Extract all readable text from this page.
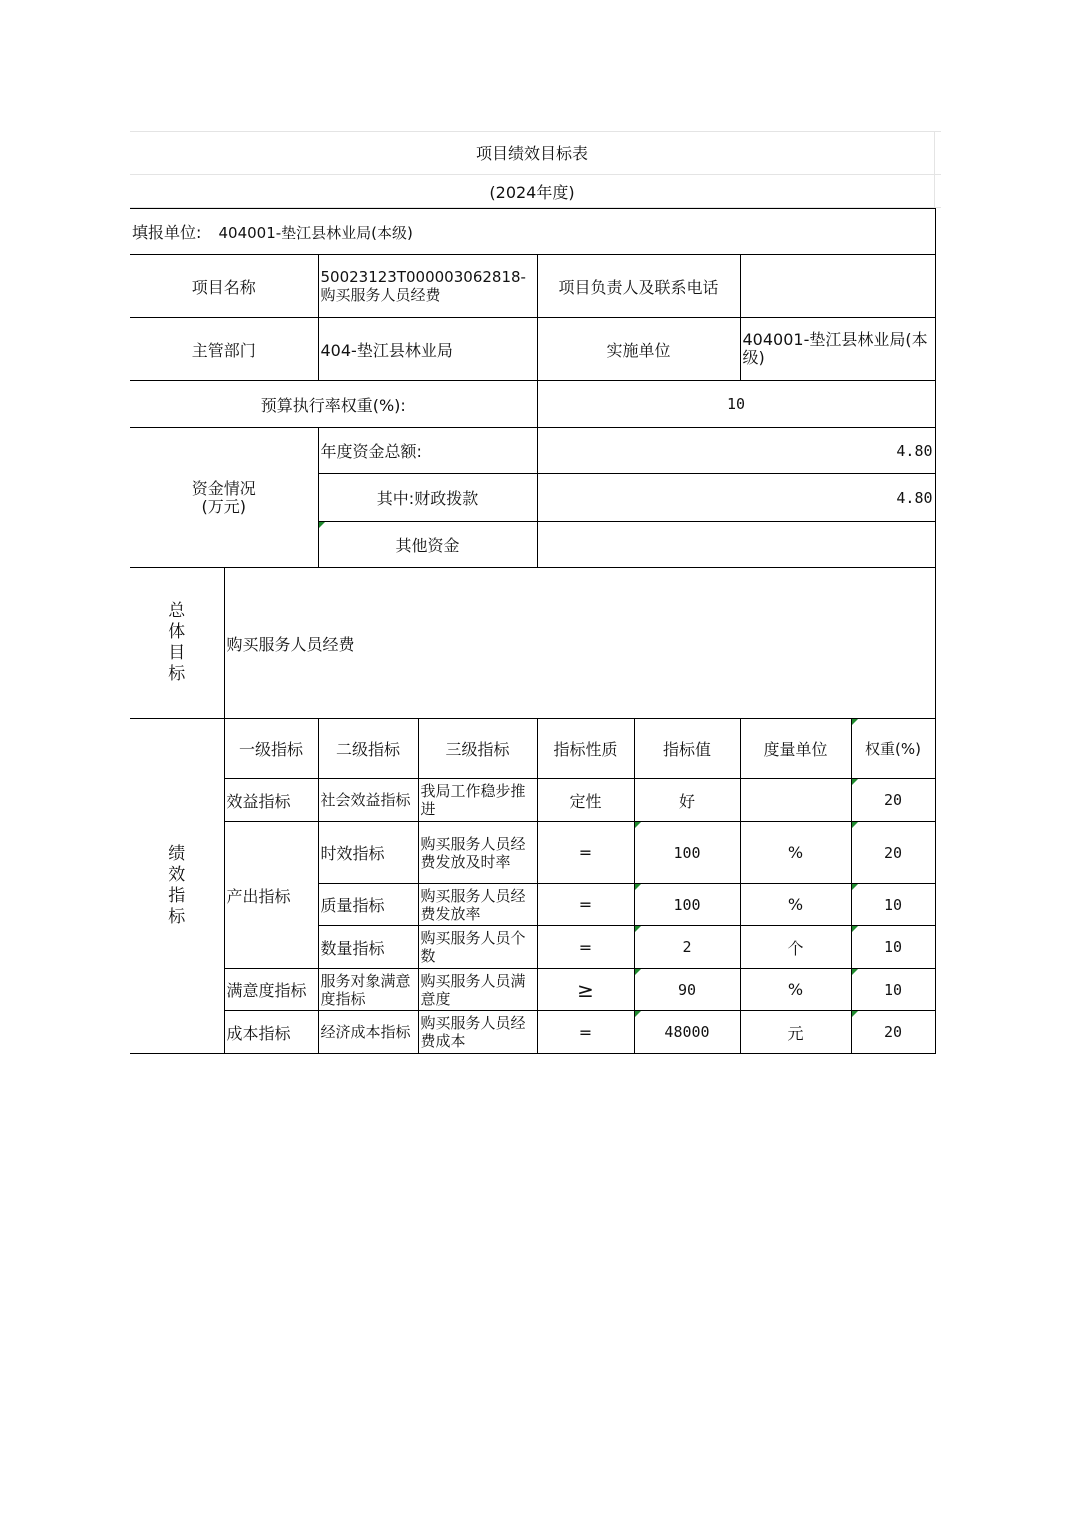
项目绩效目标表
(2024年度)
填报单位: 404001-垫江县林业局(本级)							
项目名称		50023123T000003062818-购买服务人员经费		项目负责人及联系电话			
主管部门		404-垫江县林业局		实施单位		404001-垫江县林业局(本级)	
预算执行率权重(%):				10			
资金情况(万元)		年度资金总额:		4.80			
		其中:财政拨款		4.80			
		其他资金					
总体目标	购买服务人员经费						
绩效指标	一级指标	二级指标	三级指标	指标性质	指标值	度量单位	权重(%)
	效益指标	社会效益指标	我局工作稳步推进	定性	好		20
	产出指标	时效指标	购买服务人员经费发放及时率	=	100	%	20
		质量指标	购买服务人员经费发放率	=	100	%	10
		数量指标	购买服务人员个数	=	2	个	10
	满意度指标	服务对象满意度指标	购买服务人员满意度	≥	90	%	10
	成本指标	经济成本指标	购买服务人员经费成本	=	48000	元	20
